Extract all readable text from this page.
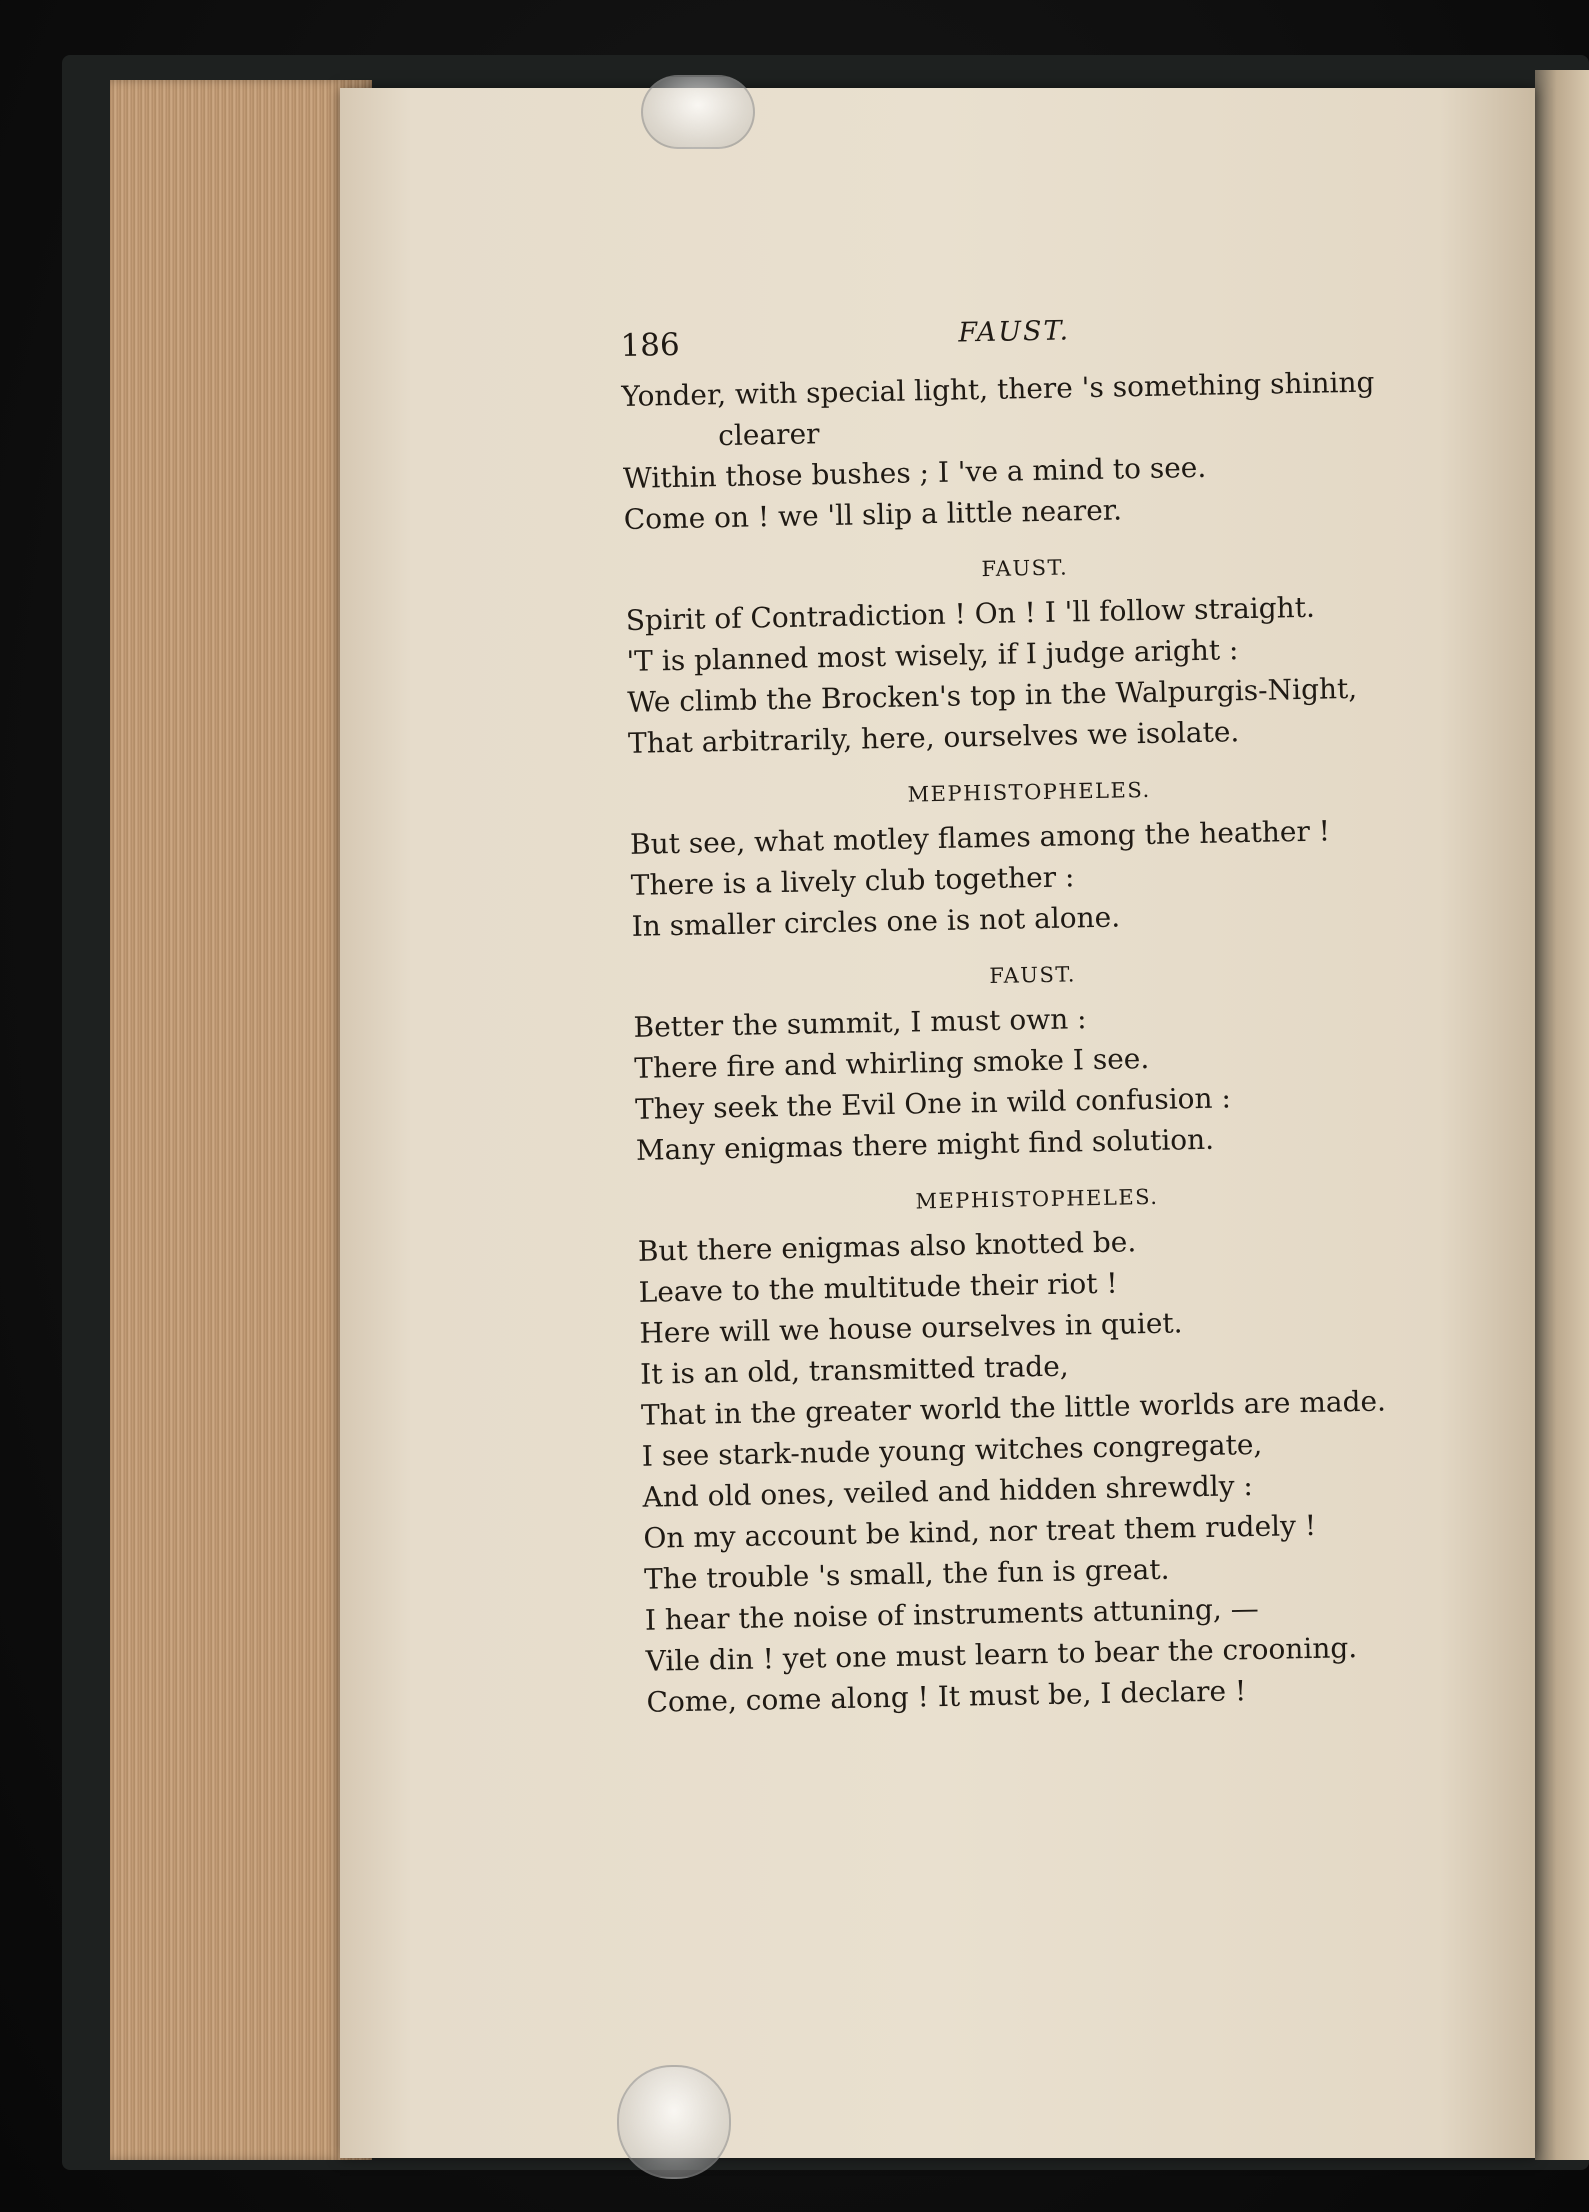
186	FAUST.
Yonder, with special light, there 's something shining
clearer
Within those bushes ; I 've a mind to see.
Come on ! we 'll slip a little nearer.
FAUST.
Spirit of Contradiction ! On ! I 'll follow straight.
'T is planned most wisely, if I judge aright :
We climb the Brocken's top in the Walpurgis-Night,
That arbitrarily, here, ourselves we isolate.
MEPHISTOPHELES.
But see, what motley flames among the heather !
There is a lively club together :
In smaller circles one is not alone.
FAUST.
Better the summit, I must own :
There fire and whirling smoke I see.
They seek the Evil One in wild confusion :
Many enigmas there might find solution.
MEPHISTOPHELES.
But there enigmas also knotted be.
Leave to the multitude their riot !
Here will we house ourselves in quiet.
It is an old, transmitted trade,
That in the greater world the little worlds are made.
I see stark-nude young witches congregate,
And old ones, veiled and hidden shrewdly :
On my account be kind, nor treat them rudely !
The trouble 's small, the fun is great.
I hear the noise of instruments attuning, —
Vile din ! yet one must learn to bear the crooning.
Come, come along ! It must be, I declare !
